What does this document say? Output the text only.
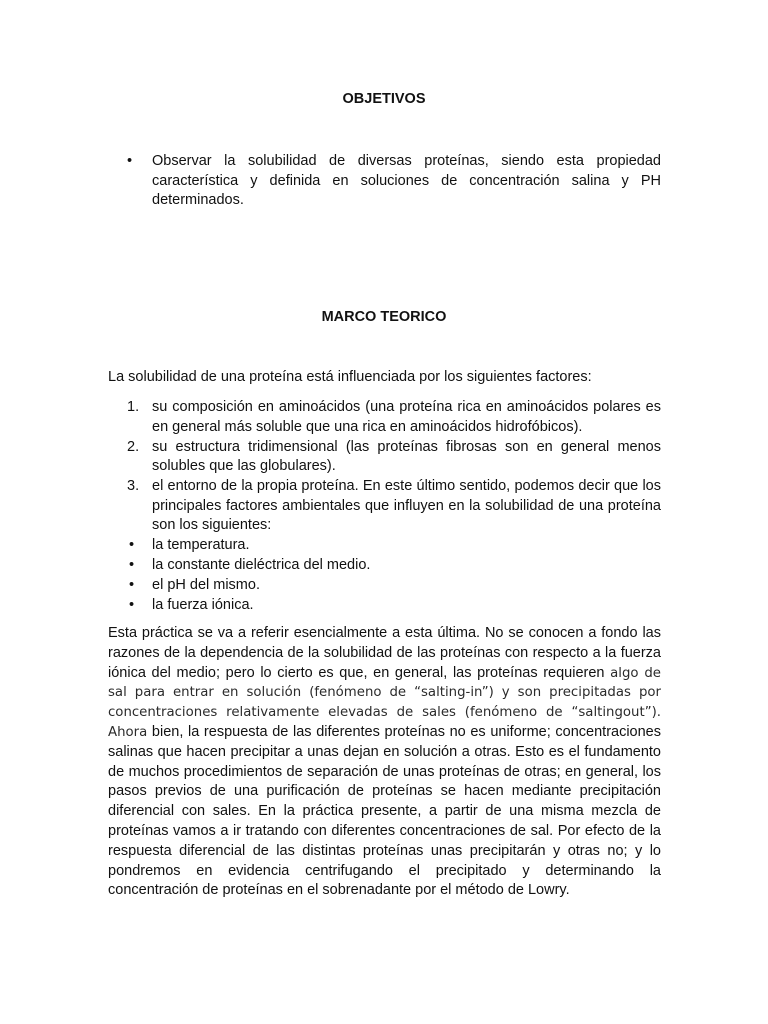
OBJETIVOS
• Observar la solubilidad de diversas proteínas, siendo esta propiedad característica y definida en soluciones de concentración salina y PH determinados.
MARCO TEORICO

La solubilidad de una proteína está influenciada por los siguientes factores:

1. su composición en aminoácidos (una proteína rica en aminoácidos polares es en general más soluble que una rica en aminoácidos hidrofóbicos).
2. su estructura tridimensional (las proteínas fibrosas son en general menos solubles que las globulares).
3. el entorno de la propia proteína. En este último sentido, podemos decir que los principales factores ambientales que influyen en la solubilidad de una proteína son los siguientes:
• la temperatura.
• la constante dieléctrica del medio.
• el pH del mismo.
• la fuerza iónica.

Esta práctica se va a referir esencialmente a esta última. No se conocen a fondo las razones de la dependencia de la solubilidad de las proteínas con respecto a la fuerza iónica del medio; pero lo cierto es que, en general, las proteínas requieren algo de sal para entrar en solución (fenómeno de “salting-in”) y son precipitadas por concentraciones relativamente elevadas de sales (fenómeno de “saltingout”). Ahora bien, la respuesta de las diferentes proteínas no es uniforme; concentraciones salinas que hacen precipitar a unas dejan en solución a otras. Esto es el fundamento de muchos procedimientos de separación de unas proteínas de otras; en general, los pasos previos de una purificación de proteínas se hacen mediante precipitación diferencial con sales. En la práctica presente, a partir de una misma mezcla de proteínas vamos a ir tratando con diferentes concentraciones de sal. Por efecto de la respuesta diferencial de las distintas proteínas unas precipitarán y otras no; y lo pondremos en evidencia centrifugando el precipitado y determinando la concentración de proteínas en el sobrenadante por el método de Lowry.
